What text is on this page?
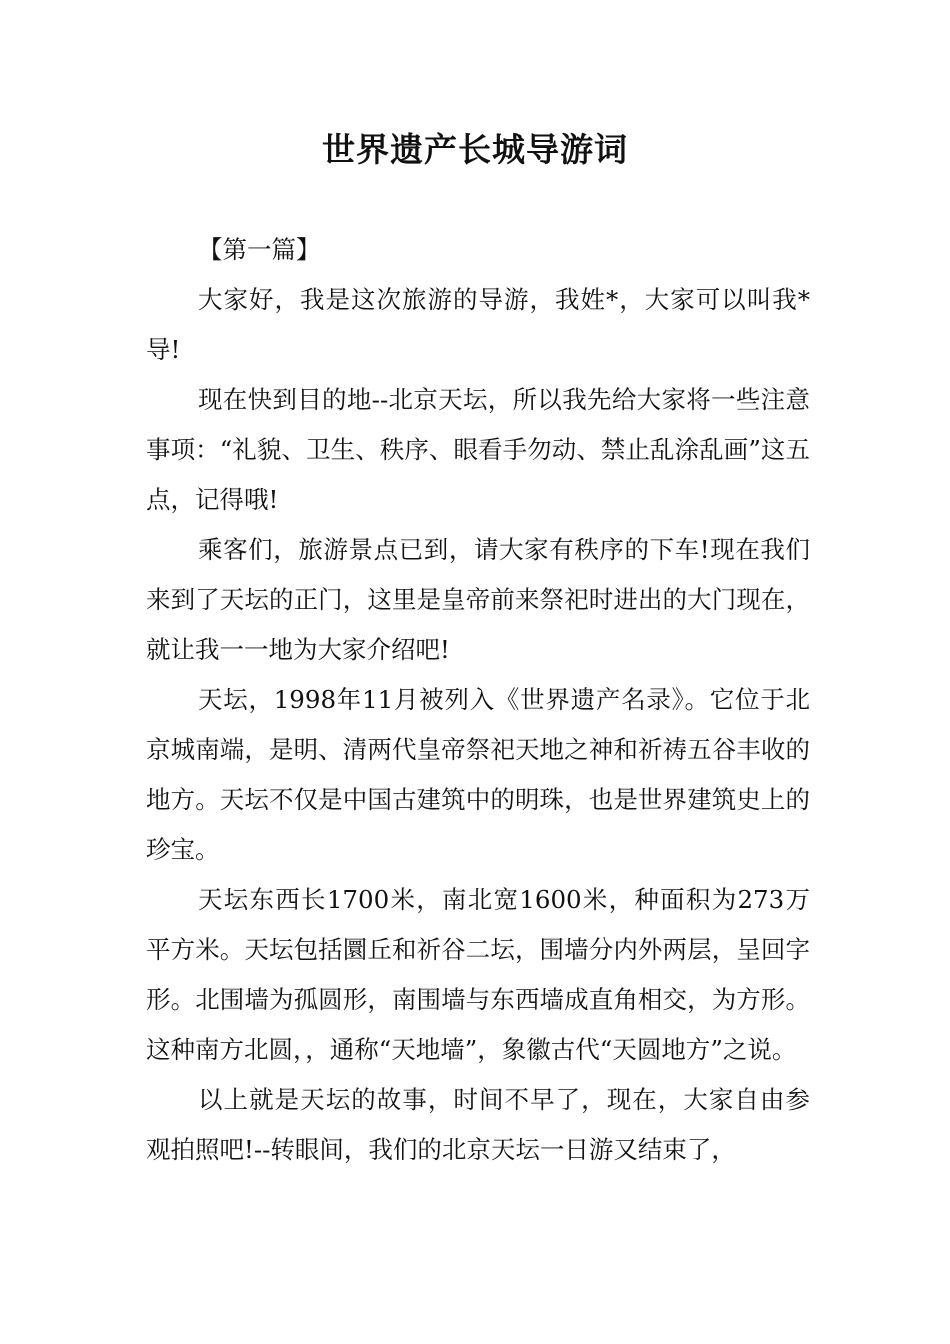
世界遗产长城导游词

【第一篇】

大家好，我是这次旅游的导游，我姓*，大家可以叫我*导!

现在快到目的地--北京天坛，所以我先给大家将一些注意事项：“礼貌、卫生、秩序、眼看手勿动、禁止乱涂乱画”这五点，记得哦!

乘客们，旅游景点已到，请大家有秩序的下车!现在我们来到了天坛的正门，这里是皇帝前来祭祀时进出的大门现在，就让我一一地为大家介绍吧!

天坛，1998年11月被列入《世界遗产名录》。它位于北京城南端，是明、清两代皇帝祭祀天地之神和祈祷五谷丰收的地方。天坛不仅是中国古建筑中的明珠，也是世界建筑史上的珍宝。

天坛东西长1700米，南北宽1600米，种面积为273万平方米。天坛包括圜丘和祈谷二坛，围墙分内外两层，呈回字形。北围墙为孤圆形，南围墙与东西墙成直角相交，为方形。这种南方北圆，，通称“天地墙”，象徽古代“天圆地方”之说。

以上就是天坛的故事，时间不早了，现在，大家自由参观拍照吧!--转眼间，我们的北京天坛一日游又结束了，
